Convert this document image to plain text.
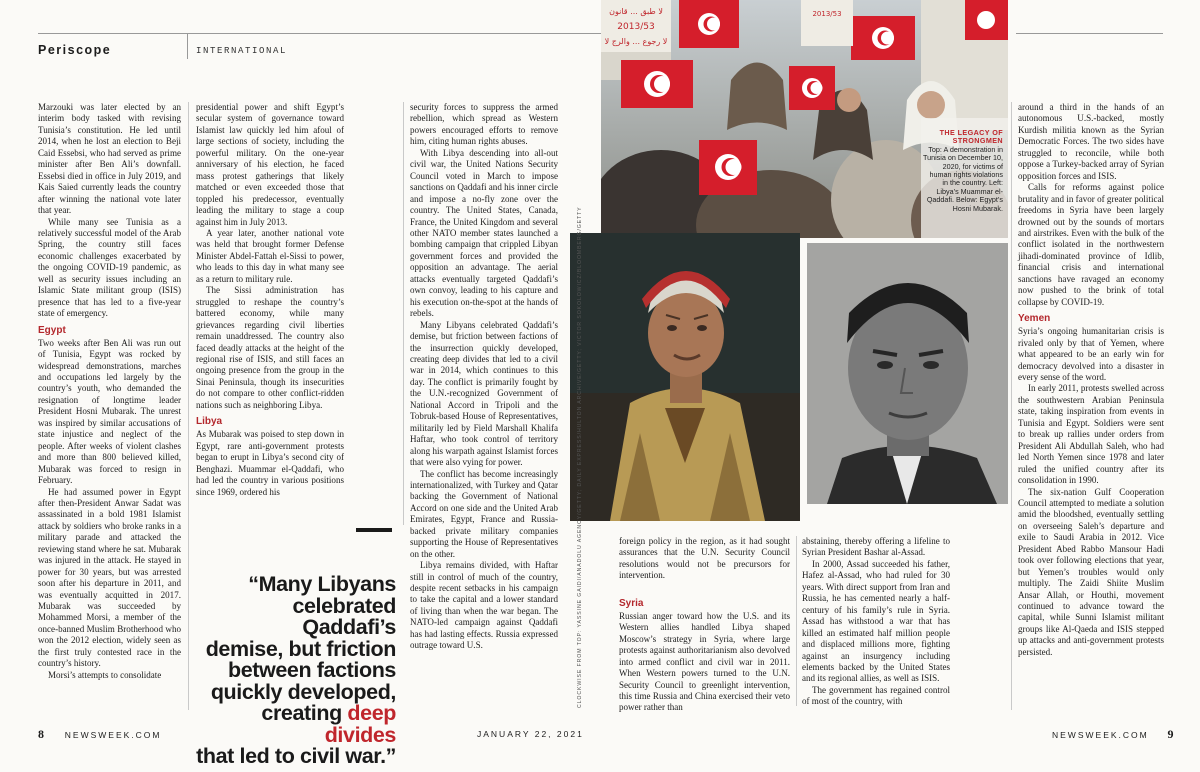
Periscope	INTERNATIONAL

Marzouki was later elected by an interim body tasked with revising Tunisia’s constitution. He led until 2014, when he lost an election to Beji Caid Essebsi, who had served as prime minister after Ben Ali’s downfall. Essebsi died in office in July 2019, and Kais Saied currently leads the country after winning the national vote later that year.

While many see Tunisia as a relatively successful model of the Arab Spring, the country still faces economic challenges exacerbated by the ongoing COVID-19 pandemic, as well as security issues including an Islamic State militant group (ISIS) presence that has led to a five-year state of emergency.

Egypt

Two weeks after Ben Ali was run out of Tunisia, Egypt was rocked by widespread demonstrations, marches and occupations led largely by the country’s youth, who demanded the resignation of longtime leader President Hosni Mubarak. The unrest was inspired by similar accusations of state injustice and neglect of the people. After weeks of violent clashes and more than 800 believed killed, Mubarak was forced to resign in February.

He had assumed power in Egypt after then-President Anwar Sadat was assassinated in a bold 1981 Islamist attack by soldiers who broke ranks in a military parade and attacked the reviewing stand where he sat. Mubarak was injured in the attack. He stayed in power for 30 years, but was arrested soon after his departure in 2011, and was eventually acquitted in 2017. Mubarak was succeeded by Mohammed Morsi, a member of the once-banned Muslim Brotherhood who won the 2012 election, widely seen as the first truly contested race in the country’s history.

Morsi’s attempts to consolidate

presidential power and shift Egypt’s secular system of governance toward Islamist law quickly led him afoul of large sections of society, including the powerful military. On the one-year anniversary of his election, he faced mass protest gatherings that likely matched or even exceeded those that toppled his predecessor, eventually leading the military to stage a coup against him in July 2013.

A year later, another national vote was held that brought former Defense Minister Abdel-Fattah el-Sissi to power, who leads to this day in what many see as a return to military rule.

The Sissi administration has struggled to reshape the country’s battered economy, while many grievances regarding civil liberties remain unaddressed. The country also faced deadly attacks at the height of the regional rise of ISIS, and still faces an ongoing presence from the group in the Sinai Peninsula, though its insecurities do not compare to other conflict-ridden nations such as neighboring Libya.

Libya

As Mubarak was poised to step down in Egypt, rare anti-government protests began to erupt in Libya’s second city of Benghazi. Muammar el-Qaddafi, who had led the country in various positions since 1969, ordered his

“Many Libyans
celebrated Qaddafi’s
demise, but friction
between factions
quickly developed,
creating deep divides
that led to civil war.”

security forces to suppress the armed rebellion, which spread as Western powers encouraged efforts to remove him, citing human rights abuses.

With Libya descending into all-out civil war, the United Nations Security Council voted in March to impose sanctions on Qaddafi and his inner circle and impose a no-fly zone over the country. The United States, Canada, France, the United Kingdom and several other NATO member states launched a bombing campaign that crippled Libyan government forces and provided the opposition an advantage. The aerial attacks eventually targeted Qaddafi’s own convoy, leading to his capture and his execution on-the-spot at the hands of rebels.

Many Libyans celebrated Qaddafi’s demise, but friction between factions of the insurrection quickly developed, creating deep divides that led to a civil war in 2014, which continues to this day. The conflict is primarily fought by the U.N.-recognized Government of National Accord in Tripoli and the Tobruk-based House of Representatives, militarily led by Field Marshall Khalifa Haftar, who took control of territory along his warpath against Islamist forces that were also vying for power.

The conflict has become increasingly internationalized, with Turkey and Qatar backing the Government of National Accord on one side and the United Arab Emirates, Egypt, France and Russia-backed private military companies supporting the House of Representatives on the other.

Libya remains divided, with Haftar still in control of much of the country, despite recent setbacks in his campaign to take the capital and a lower standard of living than when the war began. The NATO-led campaign against Qaddafi has had lasting effects. Russia expressed outrage toward U.S.

لا طبق ... قانون
2013/53
لا رجوع ... والرج لا
2013/53
THE LEGACY OF
STRONGMEN
Top: A demonstration in Tunisia on December 10, 2020, for victims of human rights violations in the country. Left: Libya’s Muammar el-Qaddafi. Below: Egypt’s Hosni Mubarak.
CLOCKWISE FROM TOP: YASSINE GAIDI/ANADOLU AGENCY/GETTY; DAILY EXPRESS/HULTON ARCHIVE/GETTY; VICTOR SOKOLOWICZ/BLOOMBERG/GETTY	foreign policy in the region, as it had sought assurances that the U.N. Security Council resolutions would not be precursors for intervention.

Syria

Russian anger toward how the U.S. and its Western allies handled Libya shaped Moscow’s strategy in Syria, where large protests against authoritarianism also devolved into armed conflict and civil war in 2011. When Western powers turned to the U.N. Security Council to greenlight intervention, this time Russia and China exercised their veto power rather than

abstaining, thereby offering a lifeline to Syrian President Bashar al-Assad.

In 2000, Assad succeeded his father, Hafez al-Assad, who had ruled for 30 years. With direct support from Iran and Russia, he has cemented nearly a half-century of his family’s rule in Syria. Assad has withstood a war that has killed an estimated half million people and displaced millions more, fighting against an insurgency including elements backed by the United States and its regional allies, as well as ISIS.

The government has regained control of most of the country, with

around a third in the hands of an autonomous U.S.-backed, mostly Kurdish militia known as the Syrian Democratic Forces. The two sides have struggled to reconcile, while both oppose a Turkey-backed array of Syrian opposition forces and ISIS.

Calls for reforms against police brutality and in favor of greater political freedoms in Syria have been largely drowned out by the sounds of mortars and airstrikes. Even with the bulk of the conflict isolated in the northwestern jihadi-dominated province of Idlib, financial crisis and international sanctions have ravaged an economy now pushed to the brink of total collapse by COVID-19.

Yemen

Syria’s ongoing humanitarian crisis is rivaled only by that of Yemen, where what appeared to be an early win for democracy devolved into a disaster in every sense of the word.

In early 2011, protests swelled across the southwestern Arabian Peninsula state, taking inspiration from events in Tunisia and Egypt. Soldiers were sent to break up rallies under orders from President Ali Abdullah Saleh, who had led North Yemen since 1978 and later ruled the unified country after its consolidation in 1990.

The six-nation Gulf Cooperation Council attempted to mediate a solution amid the bloodshed, eventually settling on overseeing Saleh’s departure and exile to Saudi Arabia in 2012. Vice President Abed Rabbo Mansour Hadi took over following elections that year, but Yemen’s troubles would only multiply. The Zaidi Shiite Muslim Ansar Allah, or Houthi, movement continued to advance toward the capital, while Sunni Islamist militant groups like Al-Qaeda and ISIS stepped up attacks and anti-government protests persisted.

8 NEWSWEEK.COM	JANUARY 22, 2021	NEWSWEEK.COM 9
